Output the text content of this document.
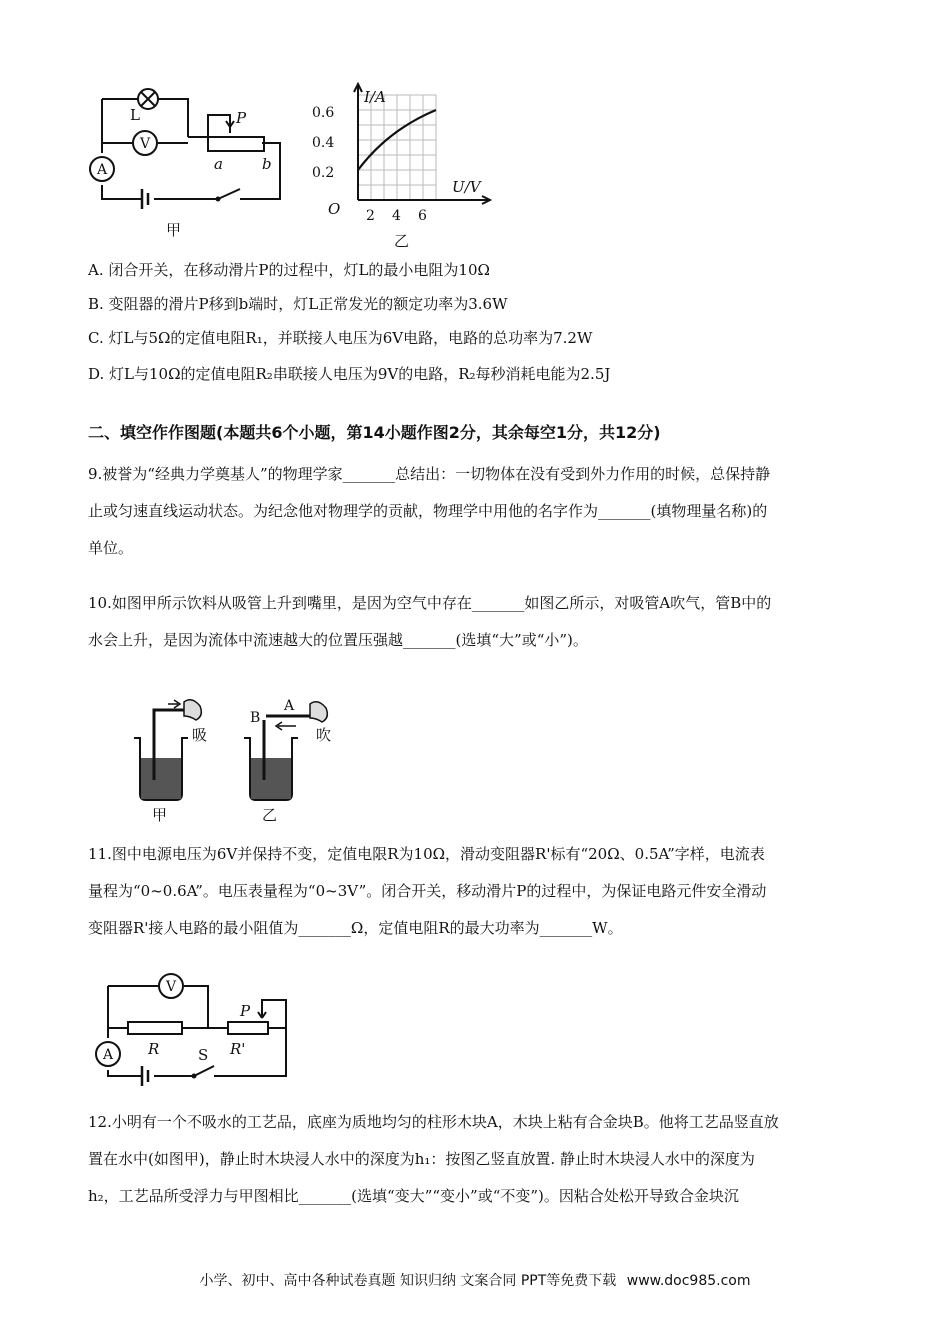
V
A
L	P
a	b
甲
I/A
U/V
O
0.6
0.4
0.2
2 4 6
乙
A. 闭合开关，在移动滑片P的过程中，灯L的最小电阻为10Ω
B. 变阻器的滑片P移到b端时，灯L正常发光的额定功率为3.6W
C. 灯L与5Ω的定值电阻R₁，并联接人电压为6V电路，电路的总功率为7.2W
D. 灯L与10Ω的定值电阻R₂串联接人电压为9V的电路，R₂每秒消耗电能为2.5J
二、填空作作图题(本题共6个小题，第14小题作图2分，其余每空1分，共12分)
9.被誉为“经典力学奠基人”的物理学家_______总结出：一切物体在没有受到外力作用的时候，总保持静
止或匀速直线运动状态。为纪念他对物理学的贡献，物理学中用他的名字作为_______(填物理量名称)的
单位。
10.如图甲所示饮料从吸管上升到嘴里，是因为空气中存在_______如图乙所示，对吸管A吹气，管B中的
水会上升，是因为流体中流速越大的位置压强越_______(选填“大”或“小”)。
吸	吹
A
B
甲	乙
11.图中电源电压为6V并保持不变，定值电限R为10Ω，滑动变阻器R'标有“20Ω、0.5A”字样，电流表
量程为“0~0.6A”。电压表量程为“0~3V”。闭合开关，移动滑片P的过程中，为保证电路元件安全滑动
变阻器R'接人电路的最小阻值为_______Ω，定值电阻R的最大功率为_______W。
V
A R	R'
P
S
12.小明有一个不吸水的工艺品，底座为质地均匀的柱形木块A，木块上粘有合金块B。他将工艺品竖直放
置在水中(如图甲)，静止时木块浸人水中的深度为h₁：按图乙竖直放置. 静止时木块浸人水中的深度为
h₂，工艺品所受浮力与甲图相比_______(选填“变大”“变小”或“不变”)。因粘合处松开导致合金块沉
小学、初中、高中各种试卷真题 知识归纳 文案合同 PPT等免费下载 www.doc985.com
